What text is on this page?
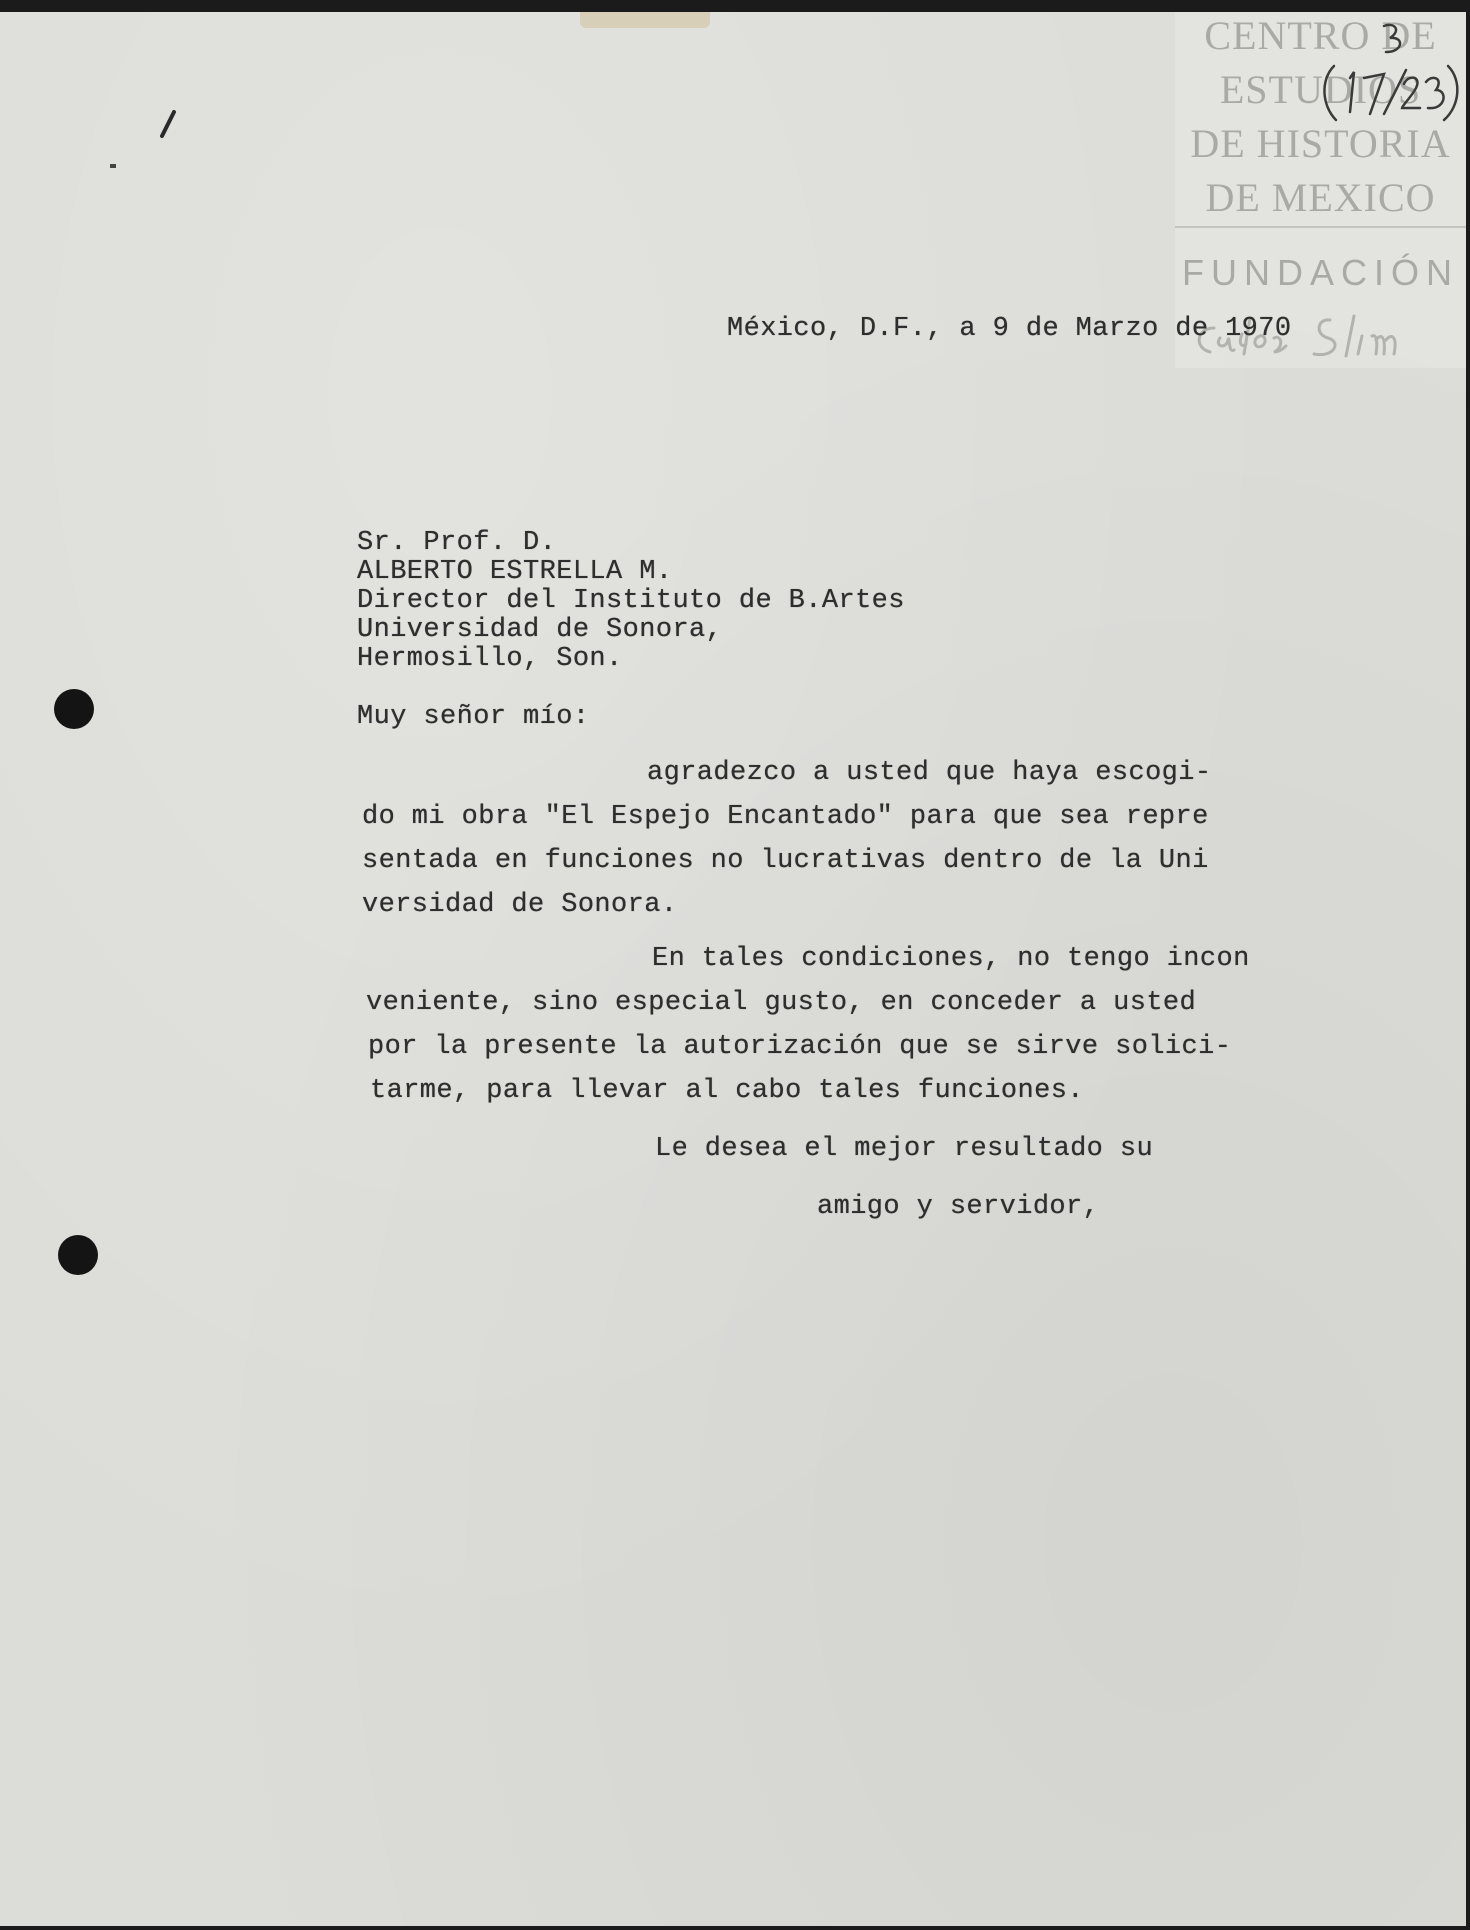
CENTRO DE
ESTUDIOS
DE HISTORIA
DE MEXICO
FUNDACIÓN
México, D.F., a 9 de Marzo de 1970
Sr. Prof. D.
ALBERTO ESTRELLA M.
Director del Instituto de B.Artes
Universidad de Sonora,
Hermosillo, Son.
Muy señor mío:
agradezco a usted que haya escogi-
do mi obra "El Espejo Encantado" para que sea repre
sentada en funciones no lucrativas dentro de la Uni
versidad de Sonora.
En tales condiciones, no tengo incon
veniente, sino especial gusto, en conceder a usted
por la presente la autorización que se sirve solici-
tarme, para llevar al cabo tales funciones.
Le desea el mejor resultado su
amigo y servidor,
